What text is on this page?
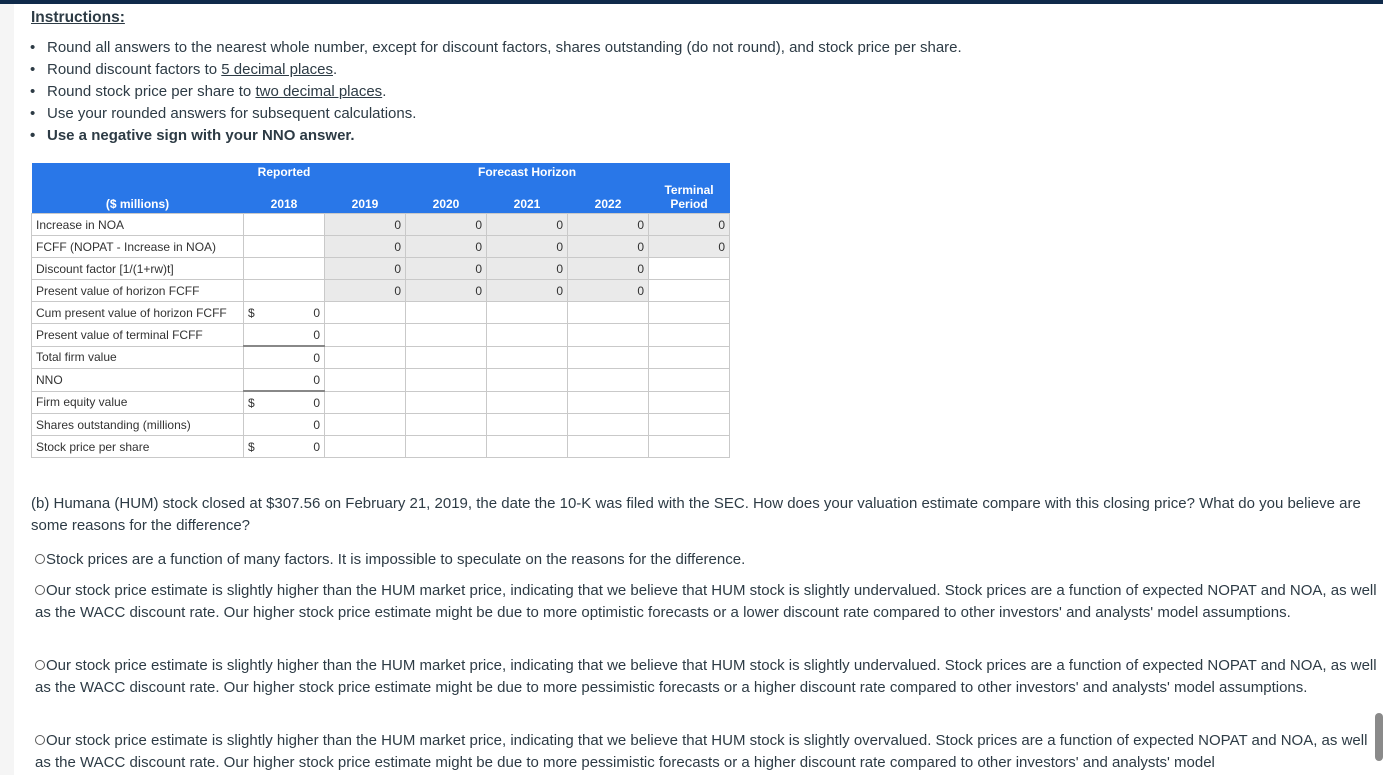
Instructions:
• Round all answers to the nearest whole number, except for discount factors, shares outstanding (do not round), and stock price per share.
• Round discount factors to 5 decimal places.
• Round stock price per share to two decimal places.
• Use your rounded answers for subsequent calculations.
• Use a negative sign with your NNO answer.
	Reported			Forecast Horizon				
($ millions)	2018		2019	2020	2021	2022	Terminal
Period	
Increase in NOA			0	0	0	0	0	
FCFF (NOPAT - Increase in NOA)			0	0	0	0	0	
Discount factor [1/(1+rw)t]			0	0	0	0		
Present value of horizon FCFF			0	0	0	0		
Cum present value of horizon FCFF	$	0						
Present value of terminal FCFF		0						
Total firm value		0						
NNO		0						
Firm equity value	$	0						
Shares outstanding (millions)		0						
Stock price per share	$	0						
(b) Humana (HUM) stock closed at $307.56 on February 21, 2019, the date the 10-K was filed with the SEC. How does your valuation estimate compare with this closing price? What do you believe are some reasons for the difference?
Stock prices are a function of many factors. It is impossible to speculate on the reasons for the difference.
Our stock price estimate is slightly higher than the HUM market price, indicating that we believe that HUM stock is slightly undervalued. Stock prices are a function of expected NOPAT and NOA, as well as the WACC discount rate. Our higher stock price estimate might be due to more optimistic forecasts or a lower discount rate compared to other investors' and analysts' model assumptions.
Our stock price estimate is slightly higher than the HUM market price, indicating that we believe that HUM stock is slightly undervalued. Stock prices are a function of expected NOPAT and NOA, as well as the WACC discount rate. Our higher stock price estimate might be due to more pessimistic forecasts or a higher discount rate compared to other investors' and analysts' model assumptions.
Our stock price estimate is slightly higher than the HUM market price, indicating that we believe that HUM stock is slightly overvalued. Stock prices are a function of expected NOPAT and NOA, as well as the WACC discount rate. Our higher stock price estimate might be due to more pessimistic forecasts or a higher discount rate compared to other investors' and analysts' model
